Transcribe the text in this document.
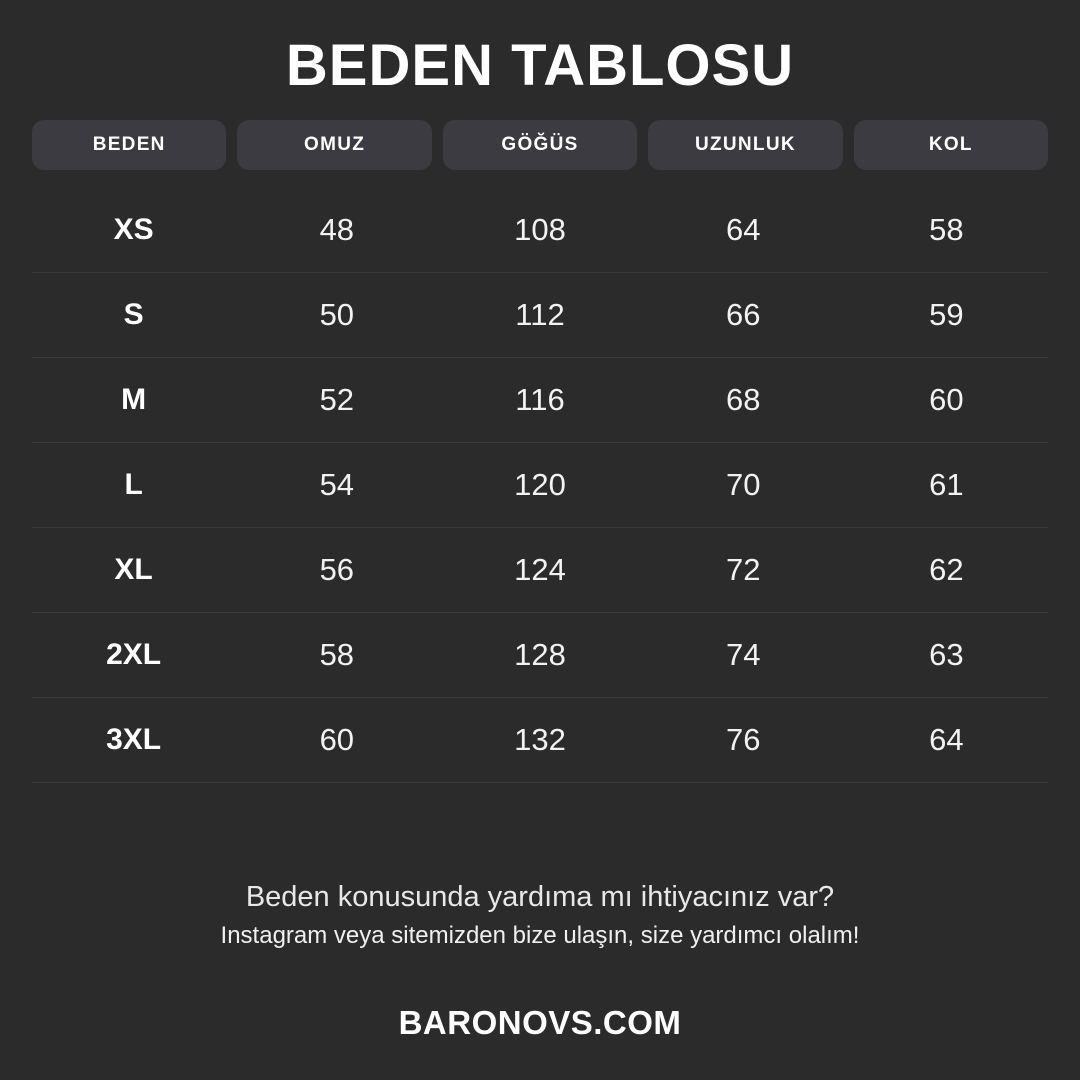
BEDEN TABLOSU
BEDEN	OMUZ	GÖĞÜS	UZUNLUK	KOL
XS	48	108	64	58
S	50	112	66	59
M	52	116	68	60
L	54	120	70	61
XL	56	124	72	62
2XL	58	128	74	63
3XL	60	132	76	64
Beden konusunda yardıma mı ihtiyacınız var?
Instagram veya sitemizden bize ulaşın, size yardımcı olalım!
BARONOVS.COM
